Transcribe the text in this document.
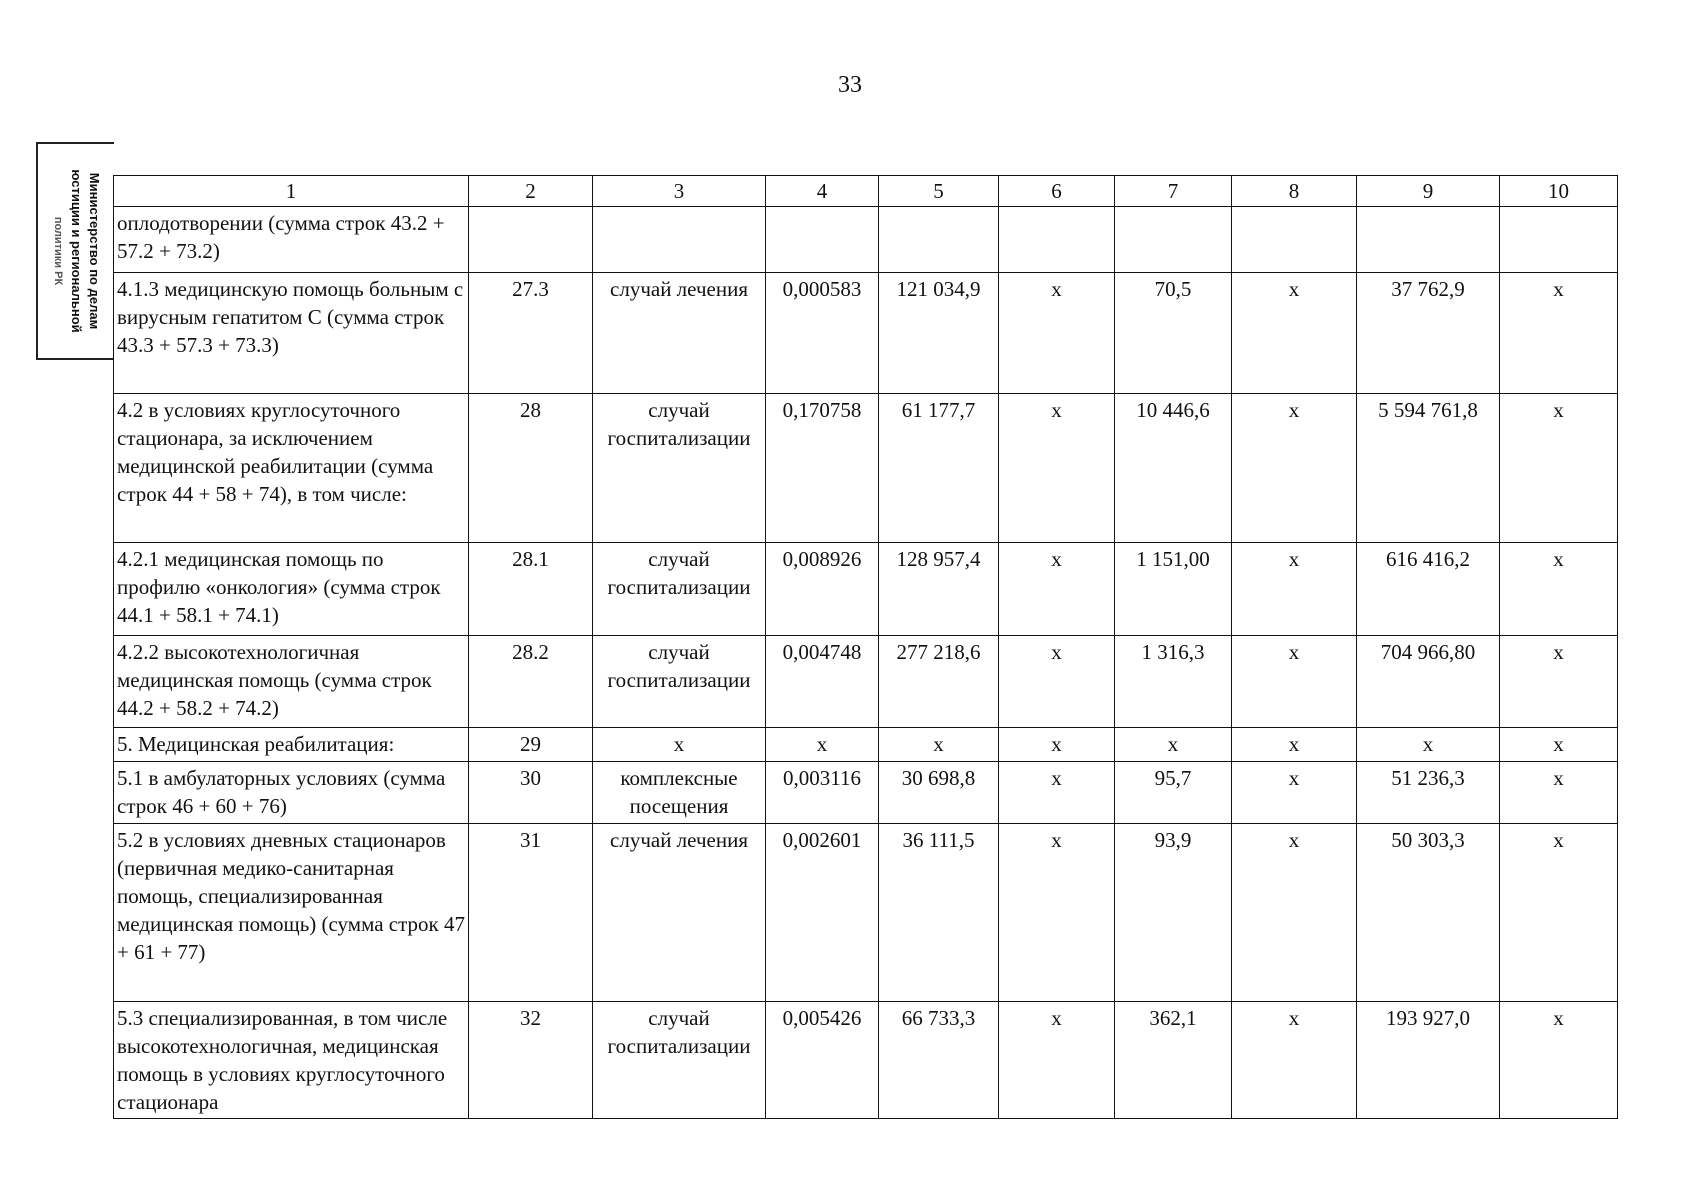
33
Министерство по делам
юстиции и региональной
политики РК
1	2	3	4	5	6	7	8	9	10
оплодотворении (сумма строк 43.2 + 57.2 + 73.2)									
4.1.3 медицинскую помощь больным с вирусным гепатитом С (сумма строк 43.3 + 57.3 + 73.3)	27.3	случай лечения	0,000583	121 034,9	х	70,5	х	37 762,9	х
4.2 в условиях круглосуточного стационара, за исключением медицинской реабилитации (сумма строк 44 + 58 + 74), в том числе:	28	случай госпитализации	0,170758	61 177,7	х	10 446,6	х	5 594 761,8	х
4.2.1 медицинская помощь по профилю «онкология» (сумма строк 44.1 + 58.1 + 74.1)	28.1	случай госпитализации	0,008926	128 957,4	х	1 151,00	х	616 416,2	х
4.2.2 высокотехнологичная медицинская помощь (сумма строк 44.2 + 58.2 + 74.2)	28.2	случай госпитализации	0,004748	277 218,6	х	1 316,3	х	704 966,80	х
5. Медицинская реабилитация:	29	х	х	х	х	х	х	х	х
5.1 в амбулаторных условиях (сумма строк 46 + 60 + 76)	30	комплексные посещения	0,003116	30 698,8	х	95,7	х	51 236,3	х
5.2 в условиях дневных стационаров (первичная медико-санитарная помощь, специализированная медицинская помощь) (сумма строк 47 + 61 + 77)	31	случай лечения	0,002601	36 111,5	х	93,9	х	50 303,3	х
5.3 специализированная, в том числе высокотехнологичная, медицинская помощь в условиях круглосуточного стационара	32	случай госпитализации	0,005426	66 733,3	х	362,1	х	193 927,0	х
